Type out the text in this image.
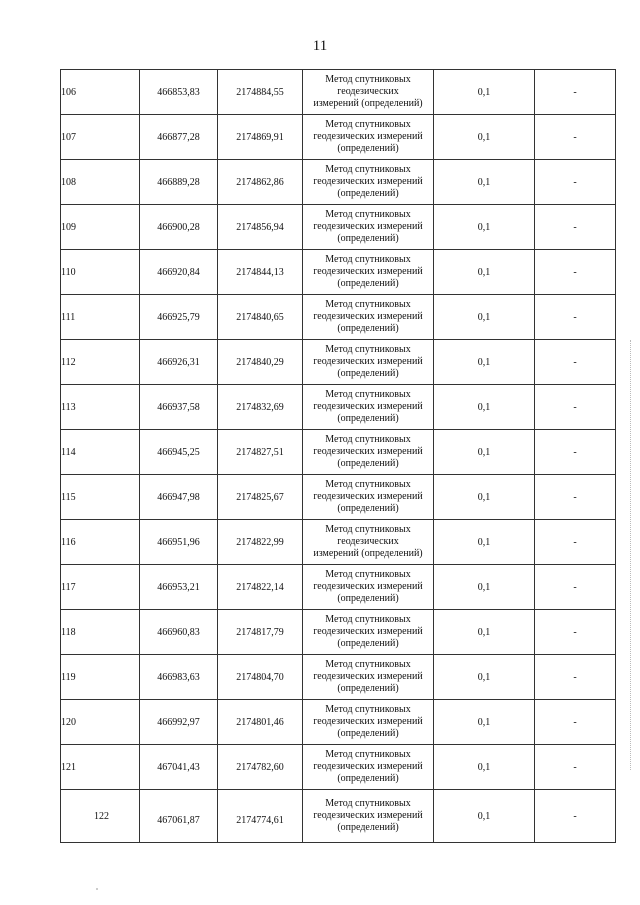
11
106	466853,83	2174884,55	Метод спутниковых
геодезических
измерений (определений)	0,1	-
107	466877,28	2174869,91	Метод спутниковых
геодезических измерений
(определений)	0,1	-
108	466889,28	2174862,86	Метод спутниковых
геодезических измерений
(определений)	0,1	-
109	466900,28	2174856,94	Метод спутниковых
геодезических измерений
(определений)	0,1	-
110	466920,84	2174844,13	Метод спутниковых
геодезических измерений
(определений)	0,1	-
111	466925,79	2174840,65	Метод спутниковых
геодезических измерений
(определений)	0,1	-
112	466926,31	2174840,29	Метод спутниковых
геодезических измерений
(определений)	0,1	-
113	466937,58	2174832,69	Метод спутниковых
геодезических измерений
(определений)	0,1	-
114	466945,25	2174827,51	Метод спутниковых
геодезических измерений
(определений)	0,1	-
115	466947,98	2174825,67	Метод спутниковых
геодезических измерений
(определений)	0,1	-
116	466951,96	2174822,99	Метод спутниковых
геодезических
измерений (определений)	0,1	-
117	466953,21	2174822,14	Метод спутниковых
геодезических измерений
(определений)	0,1	-
118	466960,83	2174817,79	Метод спутниковых
геодезических измерений
(определений)	0,1	-
119	466983,63	2174804,70	Метод спутниковых
геодезических измерений
(определений)	0,1	-
120	466992,97	2174801,46	Метод спутниковых
геодезических измерений
(определений)	0,1	-
121	467041,43	2174782,60	Метод спутниковых
геодезических измерений
(определений)	0,1	-
122	467061,87	2174774,61	Метод спутниковых
геодезических измерений
(определений)	0,1	-
